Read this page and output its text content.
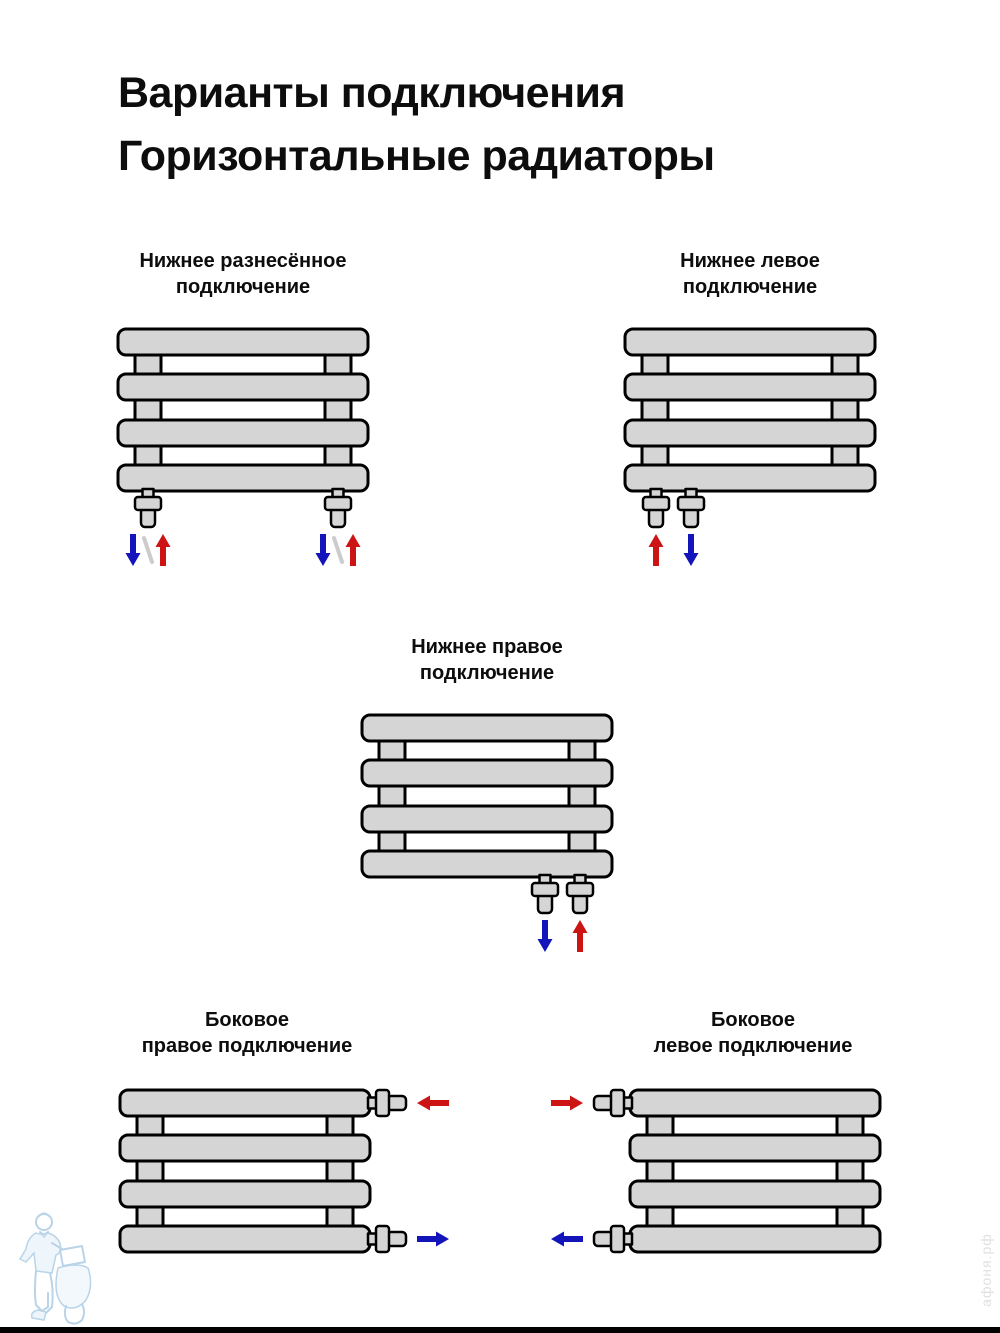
Варианты подключения
Горизонтальные радиаторы
Нижнее разнесённое
подключение
Нижнее левое
подключение
Нижнее правое
подключение
Боковое
правое подключение
Боковое
левое подключение
афоня.рф
